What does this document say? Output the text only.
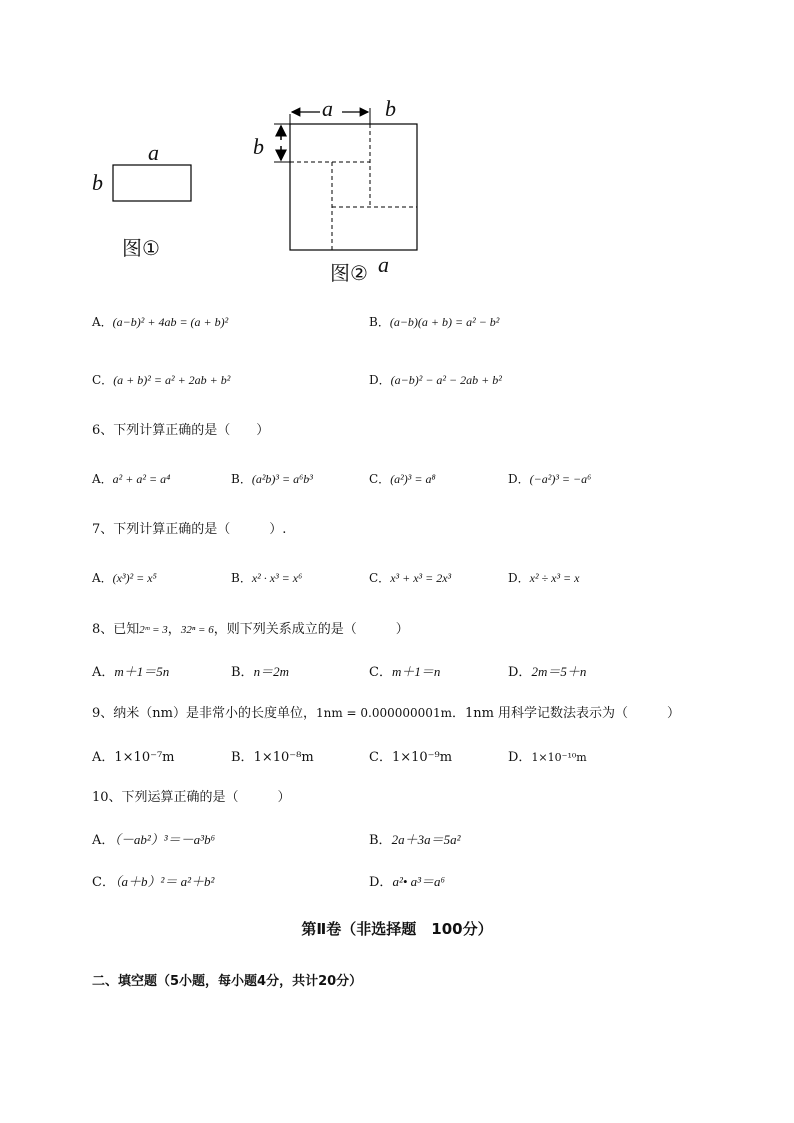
a
b
图①
a b
b
图② a
A．(a−b)² + 4ab = (a + b)²	B．(a−b)(a + b) = a² − b²
C．(a + b)² = a² + 2ab + b²	D．(a−b)² − a² − 2ab + b²
6、下列计算正确的是（　　）
A．a² + a² = a⁴	B．(a²b)³ = a⁶b³	C．(a²)³ = a⁸	D．(−a²)³ = −a⁶
7、下列计算正确的是（　　　）.
A．(x³)² = x⁵	B．x² · x³ = x⁶	C．x³ + x³ = 2x³	D．x² ÷ x³ = x
8、已知2ᵐ = 3，32ⁿ = 6，则下列关系成立的是（　　　）
A．m＋1＝5n	B．n＝2m	C．m＋1＝n	D．2m＝5＋n
9、纳米（nm）是非常小的长度单位，1nm = 0.000000001m．1nm 用科学记数法表示为（　　　）
A．1×10⁻⁷m	B．1×10⁻⁸m	C．1×10⁻⁹m	D．1×10⁻¹⁰m
10、下列运算正确的是（　　　）
A．（－ab²）³＝－a³b⁶	B．2a＋3a＝5a²
C．（a＋b）²＝ a²＋b²	D．a²• a³＝a⁶
第Ⅱ卷（非选择题　100分）
二、填空题（5小题，每小题4分，共计20分）
